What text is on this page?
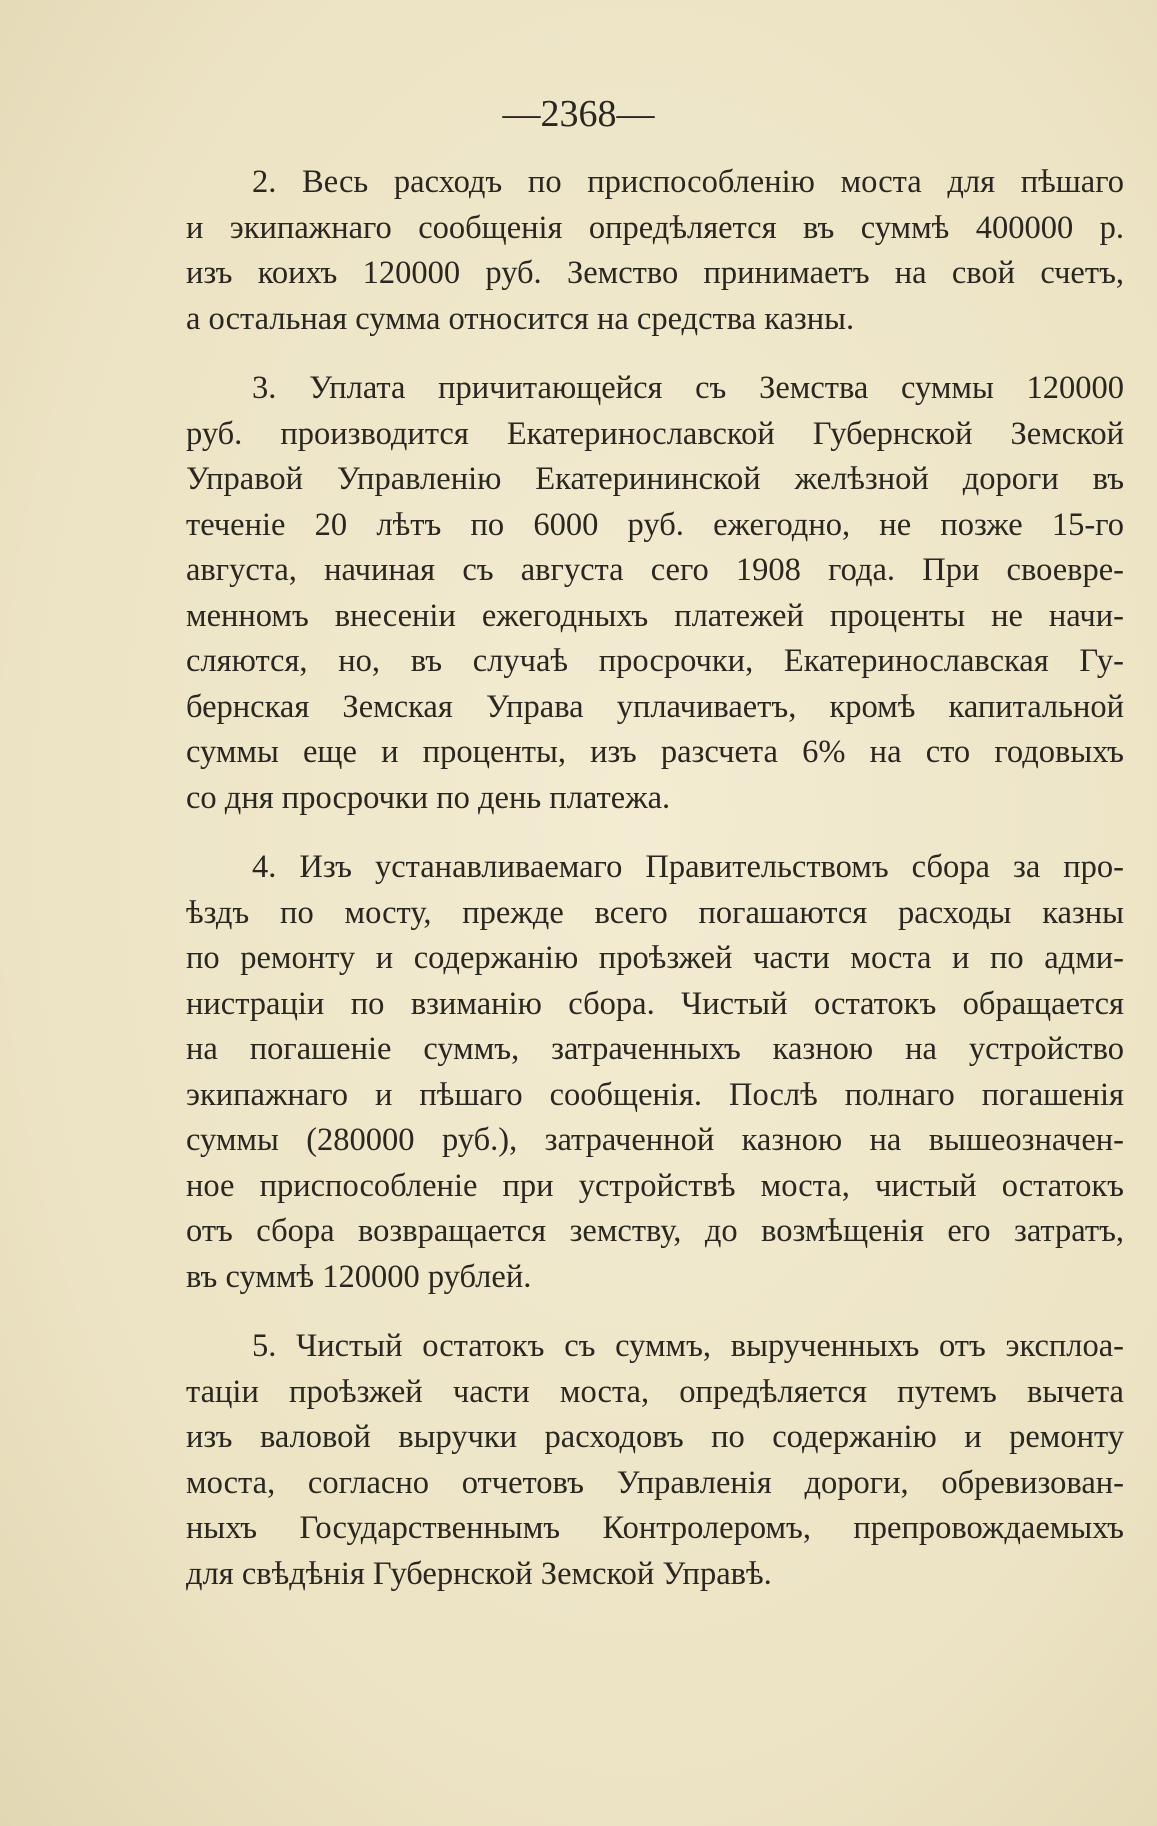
—2368—
2. Весь расходъ по приспособленію моста для пѣшаго
и экипажнаго сообщенія опредѣляется въ суммѣ 400000 р.
изъ коихъ 120000 руб. Земство принимаетъ на свой счетъ,
а остальная сумма относится на средства казны.
3. Уплата причитающейся съ Земства суммы 120000
руб. производится Екатеринославской Губернской Земской
Управой Управленію Екатерининской желѣзной дороги въ
теченіе 20 лѣтъ по 6000 руб. ежегодно, не позже 15-го
августа, начиная съ августа сего 1908 года. При своевре-
менномъ внесеніи ежегодныхъ платежей проценты не начи-
сляются, но, въ случаѣ просрочки, Екатеринославская Гу-
бернская Земская Управа уплачиваетъ, кромѣ капитальной
суммы еще и проценты, изъ разсчета 6% на сто годовыхъ
со дня просрочки по день платежа.
4. Изъ устанавливаемаго Правительствомъ сбора за про-
ѣздъ по мосту, прежде всего погашаются расходы казны
по ремонту и содержанію проѣзжей части моста и по адми-
нистраціи по взиманію сбора. Чистый остатокъ обращается
на погашеніе суммъ, затраченныхъ казною на устройство
экипажнаго и пѣшаго сообщенія. Послѣ полнаго погашенія
суммы (280000 руб.), затраченной казною на вышеозначен-
ное приспособленіе при устройствѣ моста, чистый остатокъ
отъ сбора возвращается земству, до возмѣщенія его затратъ,
въ суммѣ 120000 рублей.
5. Чистый остатокъ съ суммъ, вырученныхъ отъ эксплоа-
таціи проѣзжей части моста, опредѣляется путемъ вычета
изъ валовой выручки расходовъ по содержанію и ремонту
моста, согласно отчетовъ Управленія дороги, обревизован-
ныхъ Государственнымъ Контролеромъ, препровождаемыхъ
для свѣдѣнія Губернской Земской Управѣ.
